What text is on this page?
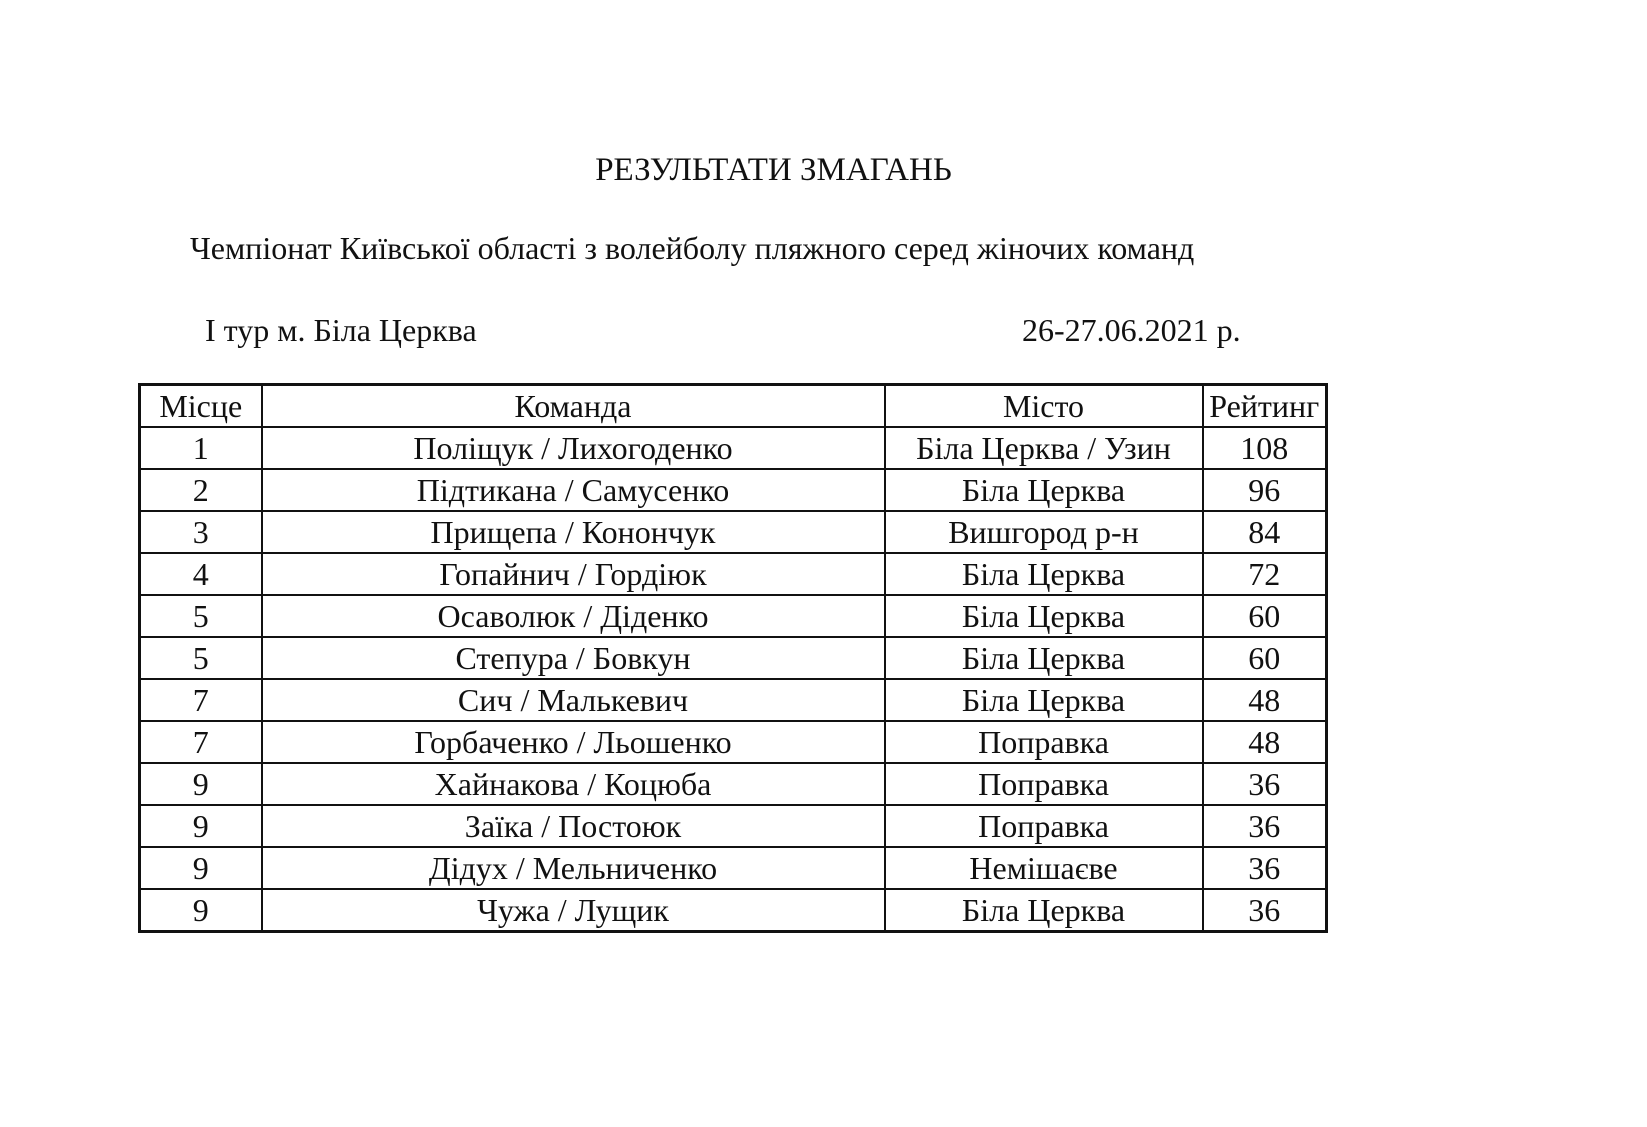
РЕЗУЛЬТАТИ ЗМАГАНЬ
Чемпіонат Київської області з волейболу пляжного серед жіночих команд
І тур м. Біла Церква	26-27.06.2021 р.
Місце	Команда	Місто	Рейтинг
1	Поліщук / Лихогоденко	Біла Церква / Узин	108
2	Підтикана / Самусенко	Біла Церква	96
3	Прищепа / Конончук	Вишгород р-н	84
4	Гопайнич / Гордіюк	Біла Церква	72
5	Осаволюк / Діденко	Біла Церква	60
5	Степура / Бовкун	Біла Церква	60
7	Сич / Малькевич	Біла Церква	48
7	Горбаченко / Льошенко	Поправка	48
9	Хайнакова / Коцюба	Поправка	36
9	Заїка / Постоюк	Поправка	36
9	Дідух / Мельниченко	Немішаєве	36
9	Чужа / Лущик	Біла Церква	36
